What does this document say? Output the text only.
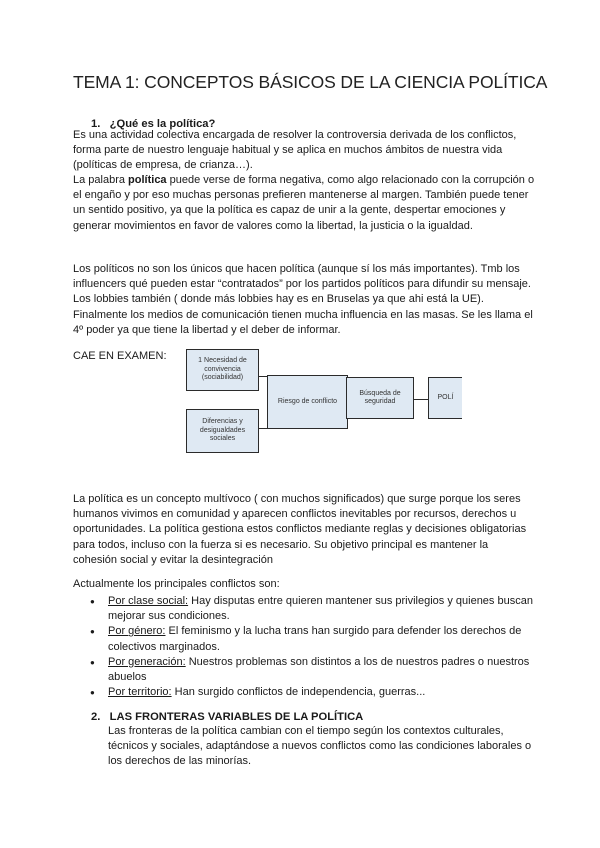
TEMA 1: CONCEPTOS BÁSICOS DE LA CIENCIA POLÍTICA
1. ¿Qué es la política?

Es una actividad colectiva encargada de resolver la controversia derivada de los conflictos, forma parte de nuestro lenguaje habitual y se aplica en muchos ámbitos de nuestra vida (políticas de empresa, de crianza…).

La palabra política puede verse de forma negativa, como algo relacionado con la corrupción o el engaño y por eso muchas personas prefieren mantenerse al margen. También puede tener un sentido positivo, ya que la política es capaz de unir a la gente, despertar emociones y generar movimientos en favor de valores como la libertad, la justicia o la igualdad.

Los políticos no son los únicos que hacen política (aunque sí los más importantes). Tmb los influencers qué pueden estar “contratados” por los partidos políticos para difundir su mensaje. Los lobbies también ( donde más lobbies hay es en Bruselas ya que ahi está la UE). Finalmente los medios de comunicación tienen mucha influencia en las masas. Se les llama el 4º poder ya que tiene la libertad y el deber de informar.

CAE EN EXAMEN:	1 Necesidad de convivencia (sociabilidad)
Diferencias y desigualdades sociales
Riesgo de conflicto
Búsqueda de seguridad
POLÍ

La política es un concepto multívoco ( con muchos significados) que surge porque los seres humanos vivimos en comunidad y aparecen conflictos inevitables por recursos, derechos u oportunidades. La política gestiona estos conflictos mediante reglas y decisiones obligatorias para todos, incluso con la fuerza si es necesario. Su objetivo principal es mantener la cohesión social y evitar la desintegración

Actualmente los principales conflictos son:

● Por clase social: Hay disputas entre quieren mantener sus privilegios y quienes buscan mejorar sus condiciones.
● Por género: El feminismo y la lucha trans han surgido para defender los derechos de colectivos marginados.
● Por generación: Nuestros problemas son distintos a los de nuestros padres o nuestros abuelos
● Por territorio: Han surgido conflictos de independencia, guerras...
2. LAS FRONTERAS VARIABLES DE LA POLÍTICA

Las fronteras de la política cambian con el tiempo según los contextos culturales, técnicos y sociales, adaptándose a nuevos conflictos como las condiciones laborales o los derechos de las minorías.
